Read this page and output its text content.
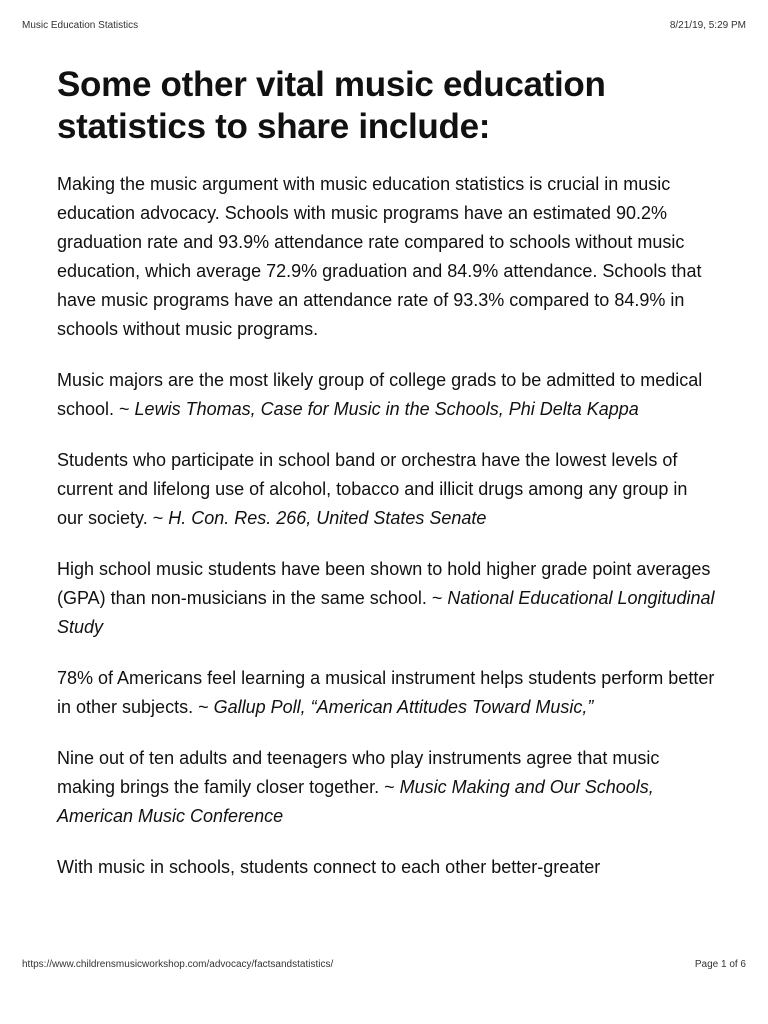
Music Education Statistics	8/21/19, 5:29 PM
Some other vital music education statistics to share include:

Making the music argument with music education statistics is crucial in music education advocacy. Schools with music programs have an estimated 90.2% graduation rate and 93.9% attendance rate compared to schools without music education, which average 72.9% graduation and 84.9% attendance. Schools that have music programs have an attendance rate of 93.3% compared to 84.9% in schools without music programs.

Music majors are the most likely group of college grads to be admitted to medical school. ~ Lewis Thomas, Case for Music in the Schools, Phi Delta Kappa

Students who participate in school band or orchestra have the lowest levels of current and lifelong use of alcohol, tobacco and illicit drugs among any group in our society. ~ H. Con. Res. 266, United States Senate

High school music students have been shown to hold higher grade point averages (GPA) than non-musicians in the same school. ~ National Educational Longitudinal Study

78% of Americans feel learning a musical instrument helps students perform better in other subjects. ~ Gallup Poll, “American Attitudes Toward Music,”

Nine out of ten adults and teenagers who play instruments agree that music making brings the family closer together. ~ Music Making and Our Schools, American Music Conference

With music in schools, students connect to each other better-greater

https://www.childrensmusicworkshop.com/advocacy/factsandstatistics/	Page 1 of 6
